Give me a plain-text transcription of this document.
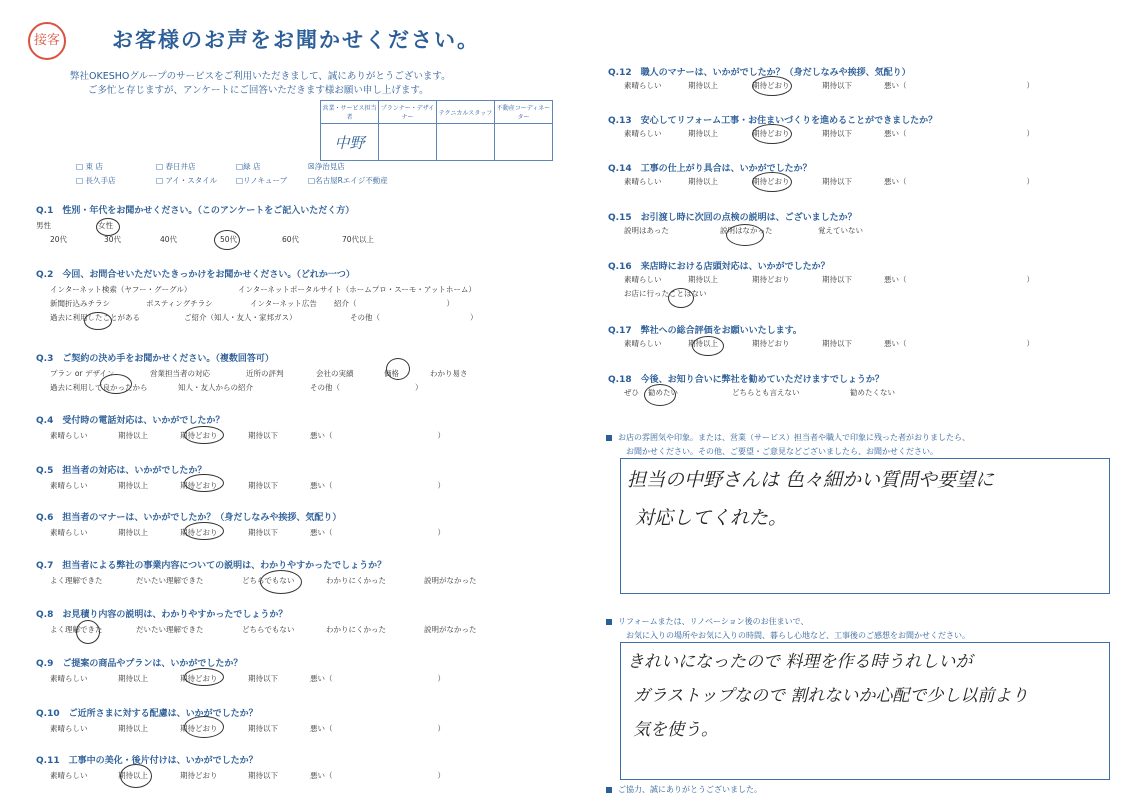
接客 お客様のお声をお聞かせください。
弊社OKESHOグループのサービスをご利用いただきまして、誠にありがとうございます。
ご多忙と存じますが、アンケートにご回答いただきます様お願い申し上げます。
営業・サービス担当者	プランナー・デザイナー	テクニカルスタッフ	不動産コーディネーター
中野			
□ 東 店	□ 春日井店	□緑 店	☒浄治見店
□ 長久手店	□ アイ・スタイル	□リノキューブ	□名古屋Rエイジ不動産
Q.1　性別・年代をお聞かせください。（このアンケートをご記入いただく方）
男性	女性
20代	30代	40代	50代	60代	70代以上
Q.2　今回、お問合せいただいたきっかけをお聞かせください。（どれか一つ）
インターネット検索（ヤフー・グーグル）	インターネットポータルサイト（ホームプロ・スーモ・アットホーム）
新聞折込みチラシ	ポスティングチラシ	インターネット広告 紹介（　　　　　　　　　　　　）
過去に利用したことがある	ご紹介（知人・友人・家邦ガス）	その他（　　　　　　　　　　　　）
Q.3　ご契約の決め手をお聞かせください。（複数回答可）
プラン or デザイン	営業担当者の対応	近所の評判	会社の実績	価格	わかり易さ
過去に利用して良かったから	知人・友人からの紹介	その他（　　　　　　　　　　）
Q.4　受付時の電話対応は、いかがでしたか？
素晴らしい	期待以上	期待どおり	期待以下	悪い（　　　　　　　　　　　　　　）
Q.5　担当者の対応は、いかがでしたか？
素晴らしい	期待以上	期待どおり	期待以下	悪い（　　　　　　　　　　　　　　）
Q.6　担当者のマナーは、いかがでしたか？（身だしなみや挨拶、気配り）
素晴らしい	期待以上	期待どおり	期待以下	悪い（　　　　　　　　　　　　　　）
Q.7　担当者による弊社の事業内容についての説明は、わかりやすかったでしょうか？
よく理解できた	だいたい理解できた	どちらでもない	わかりにくかった	説明がなかった
Q.8　お見積り内容の説明は、わかりやすかったでしょうか？
よく理解できた	だいたい理解できた	どちらでもない	わかりにくかった	説明がなかった
Q.9　ご提案の商品やプランは、いかがでしたか？
素晴らしい	期待以上	期待どおり	期待以下	悪い（　　　　　　　　　　　　　　）
Q.10　ご近所さまに対する配慮は、いかがでしたか？
素晴らしい	期待以上	期待どおり	期待以下	悪い（　　　　　　　　　　　　　　）
Q.11　工事中の美化・後片付けは、いかがでしたか？
素晴らしい	期待以上	期待どおり	期待以下	悪い（　　　　　　　　　　　　　　）
Q.12　職人のマナーは、いかがでしたか？（身だしなみや挨拶、気配り）
素晴らしい	期待以上	期待どおり	期待以下	悪い（　　　　　　　　　　　　　　　　）
Q.13　安心してリフォーム工事・お住まいづくりを進めることができましたか？
素晴らしい	期待以上	期待どおり	期待以下	悪い（　　　　　　　　　　　　　　　　）
Q.14　工事の仕上がり具合は、いかがでしたか？
素晴らしい	期待以上	期待どおり	期待以下	悪い（　　　　　　　　　　　　　　　　）
Q.15　お引渡し時に次回の点検の説明は、ございましたか？
説明はあった	説明はなかった	覚えていない
Q.16　来店時における店頭対応は、いかがでしたか？
素晴らしい	期待以上	期待どおり	期待以下	悪い（　　　　　　　　　　　　　　　　）
お店に行ったことはない
Q.17　弊社への総合評価をお願いいたします。
素晴らしい	期待以上	期待どおり	期待以下	悪い（　　　　　　　　　　　　　　　　）
Q.18　今後、お知り合いに弊社を勧めていただけますでしょうか？
ぜひ 勧めたい	どちらとも言えない	勧めたくない
お店の雰囲気や印象。または、営業（サービス）担当者や職人で印象に残った者がおりましたら、
お聞かせください。その他、ご要望・ご意見などございましたら、お聞かせください。
担当の中野さんは 色々細かい質問や要望に
対応してくれた。
リフォームまたは、リノベーション後のお住まいで、
お気に入りの場所やお気に入りの時間、暮らし心地など、工事後のご感想をお聞かせください。
きれいになったので 料理を作る時うれしいが
ガラストップなので 割れないか心配で少し以前より
気を使う。
ご協力、誠にありがとうございました。
